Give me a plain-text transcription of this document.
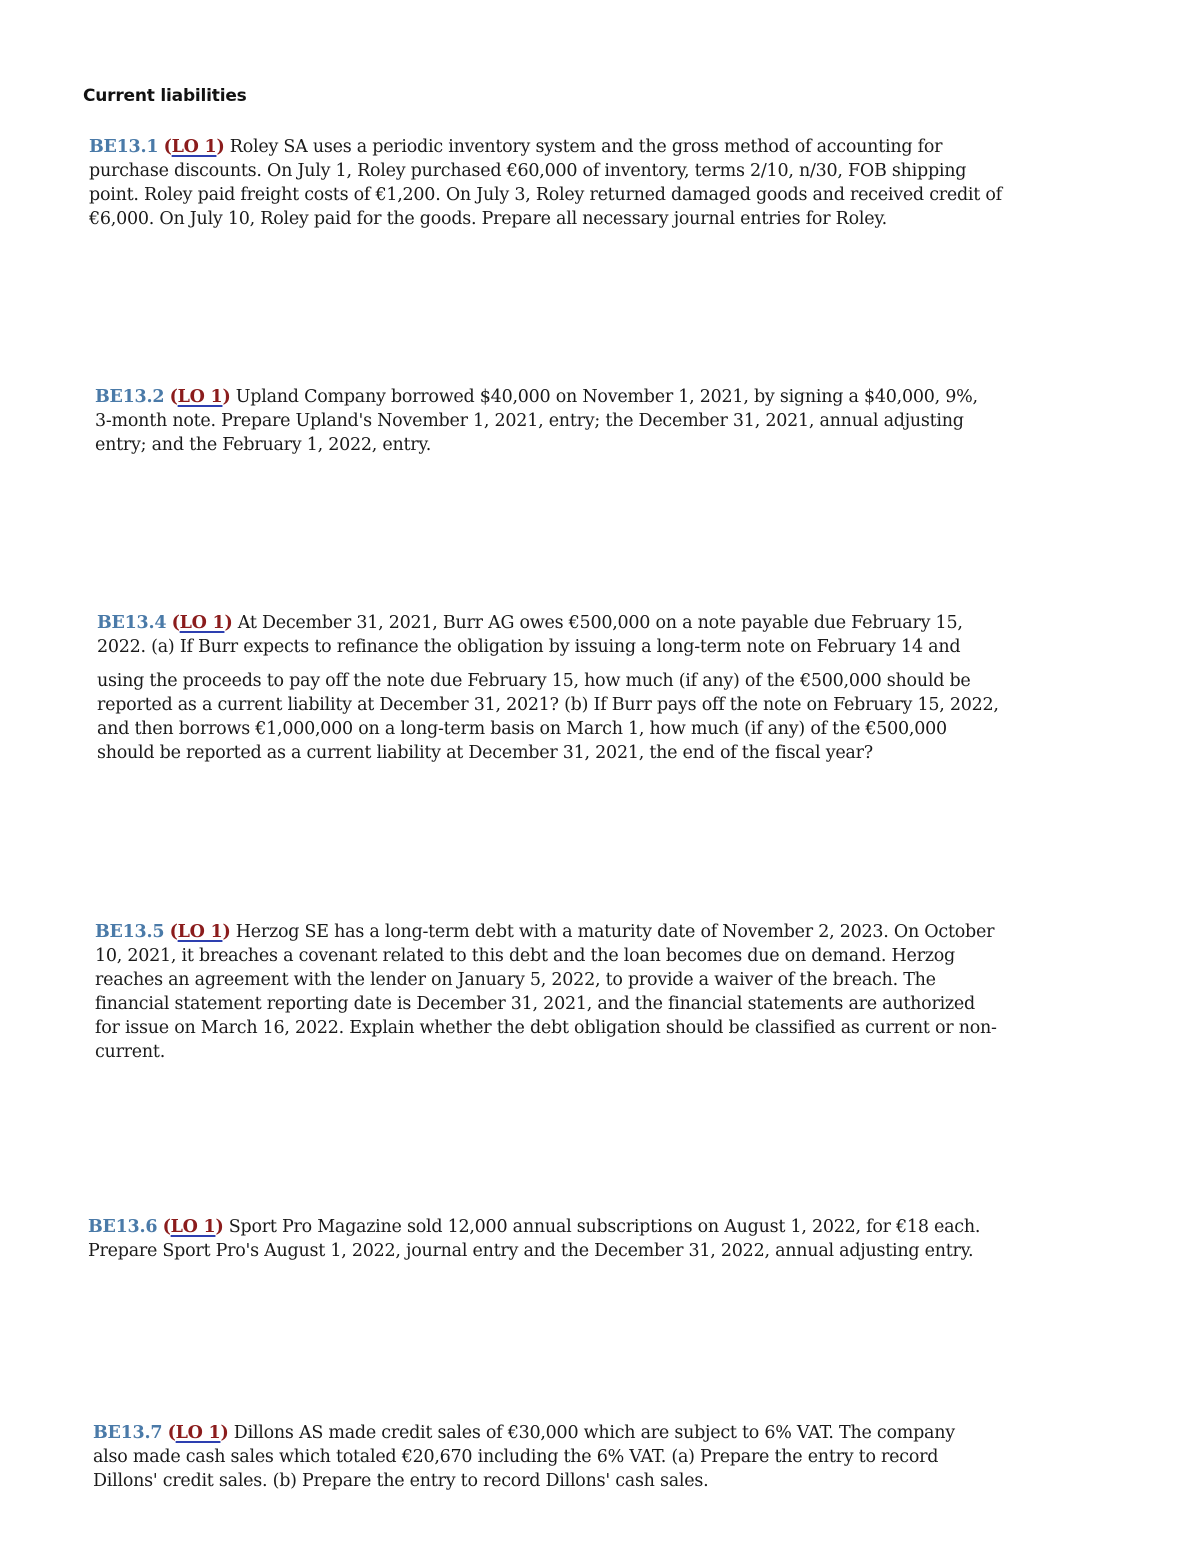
Current liabilities

BE13.1 (LO 1) Roley SA uses a periodic inventory system and the gross method of accounting for purchase discounts. On July 1, Roley purchased €60,000 of inventory, terms 2/10, n/30, FOB shipping point. Roley paid freight costs of €1,200. On July 3, Roley returned damaged goods and received credit of €6,000. On July 10, Roley paid for the goods. Prepare all necessary journal entries for Roley.

BE13.2 (LO 1) Upland Company borrowed $40,000 on November 1, 2021, by signing a $40,000, 9%, 3-month note. Prepare Upland's November 1, 2021, entry; the December 31, 2021, annual adjusting entry; and the February 1, 2022, entry.

BE13.4 (LO 1) At December 31, 2021, Burr AG owes €500,000 on a note payable due February 15, 2022. (a) If Burr expects to refinance the obligation by issuing a long-term note on February 14 and

using the proceeds to pay off the note due February 15, how much (if any) of the €500,000 should be reported as a current liability at December 31, 2021? (b) If Burr pays off the note on February 15, 2022, and then borrows €1,000,000 on a long-term basis on March 1, how much (if any) of the €500,000 should be reported as a current liability at December 31, 2021, the end of the fiscal year?

BE13.5 (LO 1) Herzog SE has a long-term debt with a maturity date of November 2, 2023. On October 10, 2021, it breaches a covenant related to this debt and the loan becomes due on demand. Herzog reaches an agreement with the lender on January 5, 2022, to provide a waiver of the breach. The financial statement reporting date is December 31, 2021, and the financial statements are authorized for issue on March 16, 2022. Explain whether the debt obligation should be classified as current or non-current.

BE13.6 (LO 1) Sport Pro Magazine sold 12,000 annual subscriptions on August 1, 2022, for €18 each. Prepare Sport Pro's August 1, 2022, journal entry and the December 31, 2022, annual adjusting entry.

BE13.7 (LO 1) Dillons AS made credit sales of €30,000 which are subject to 6% VAT. The company also made cash sales which totaled €20,670 including the 6% VAT. (a) Prepare the entry to record Dillons' credit sales. (b) Prepare the entry to record Dillons' cash sales.
